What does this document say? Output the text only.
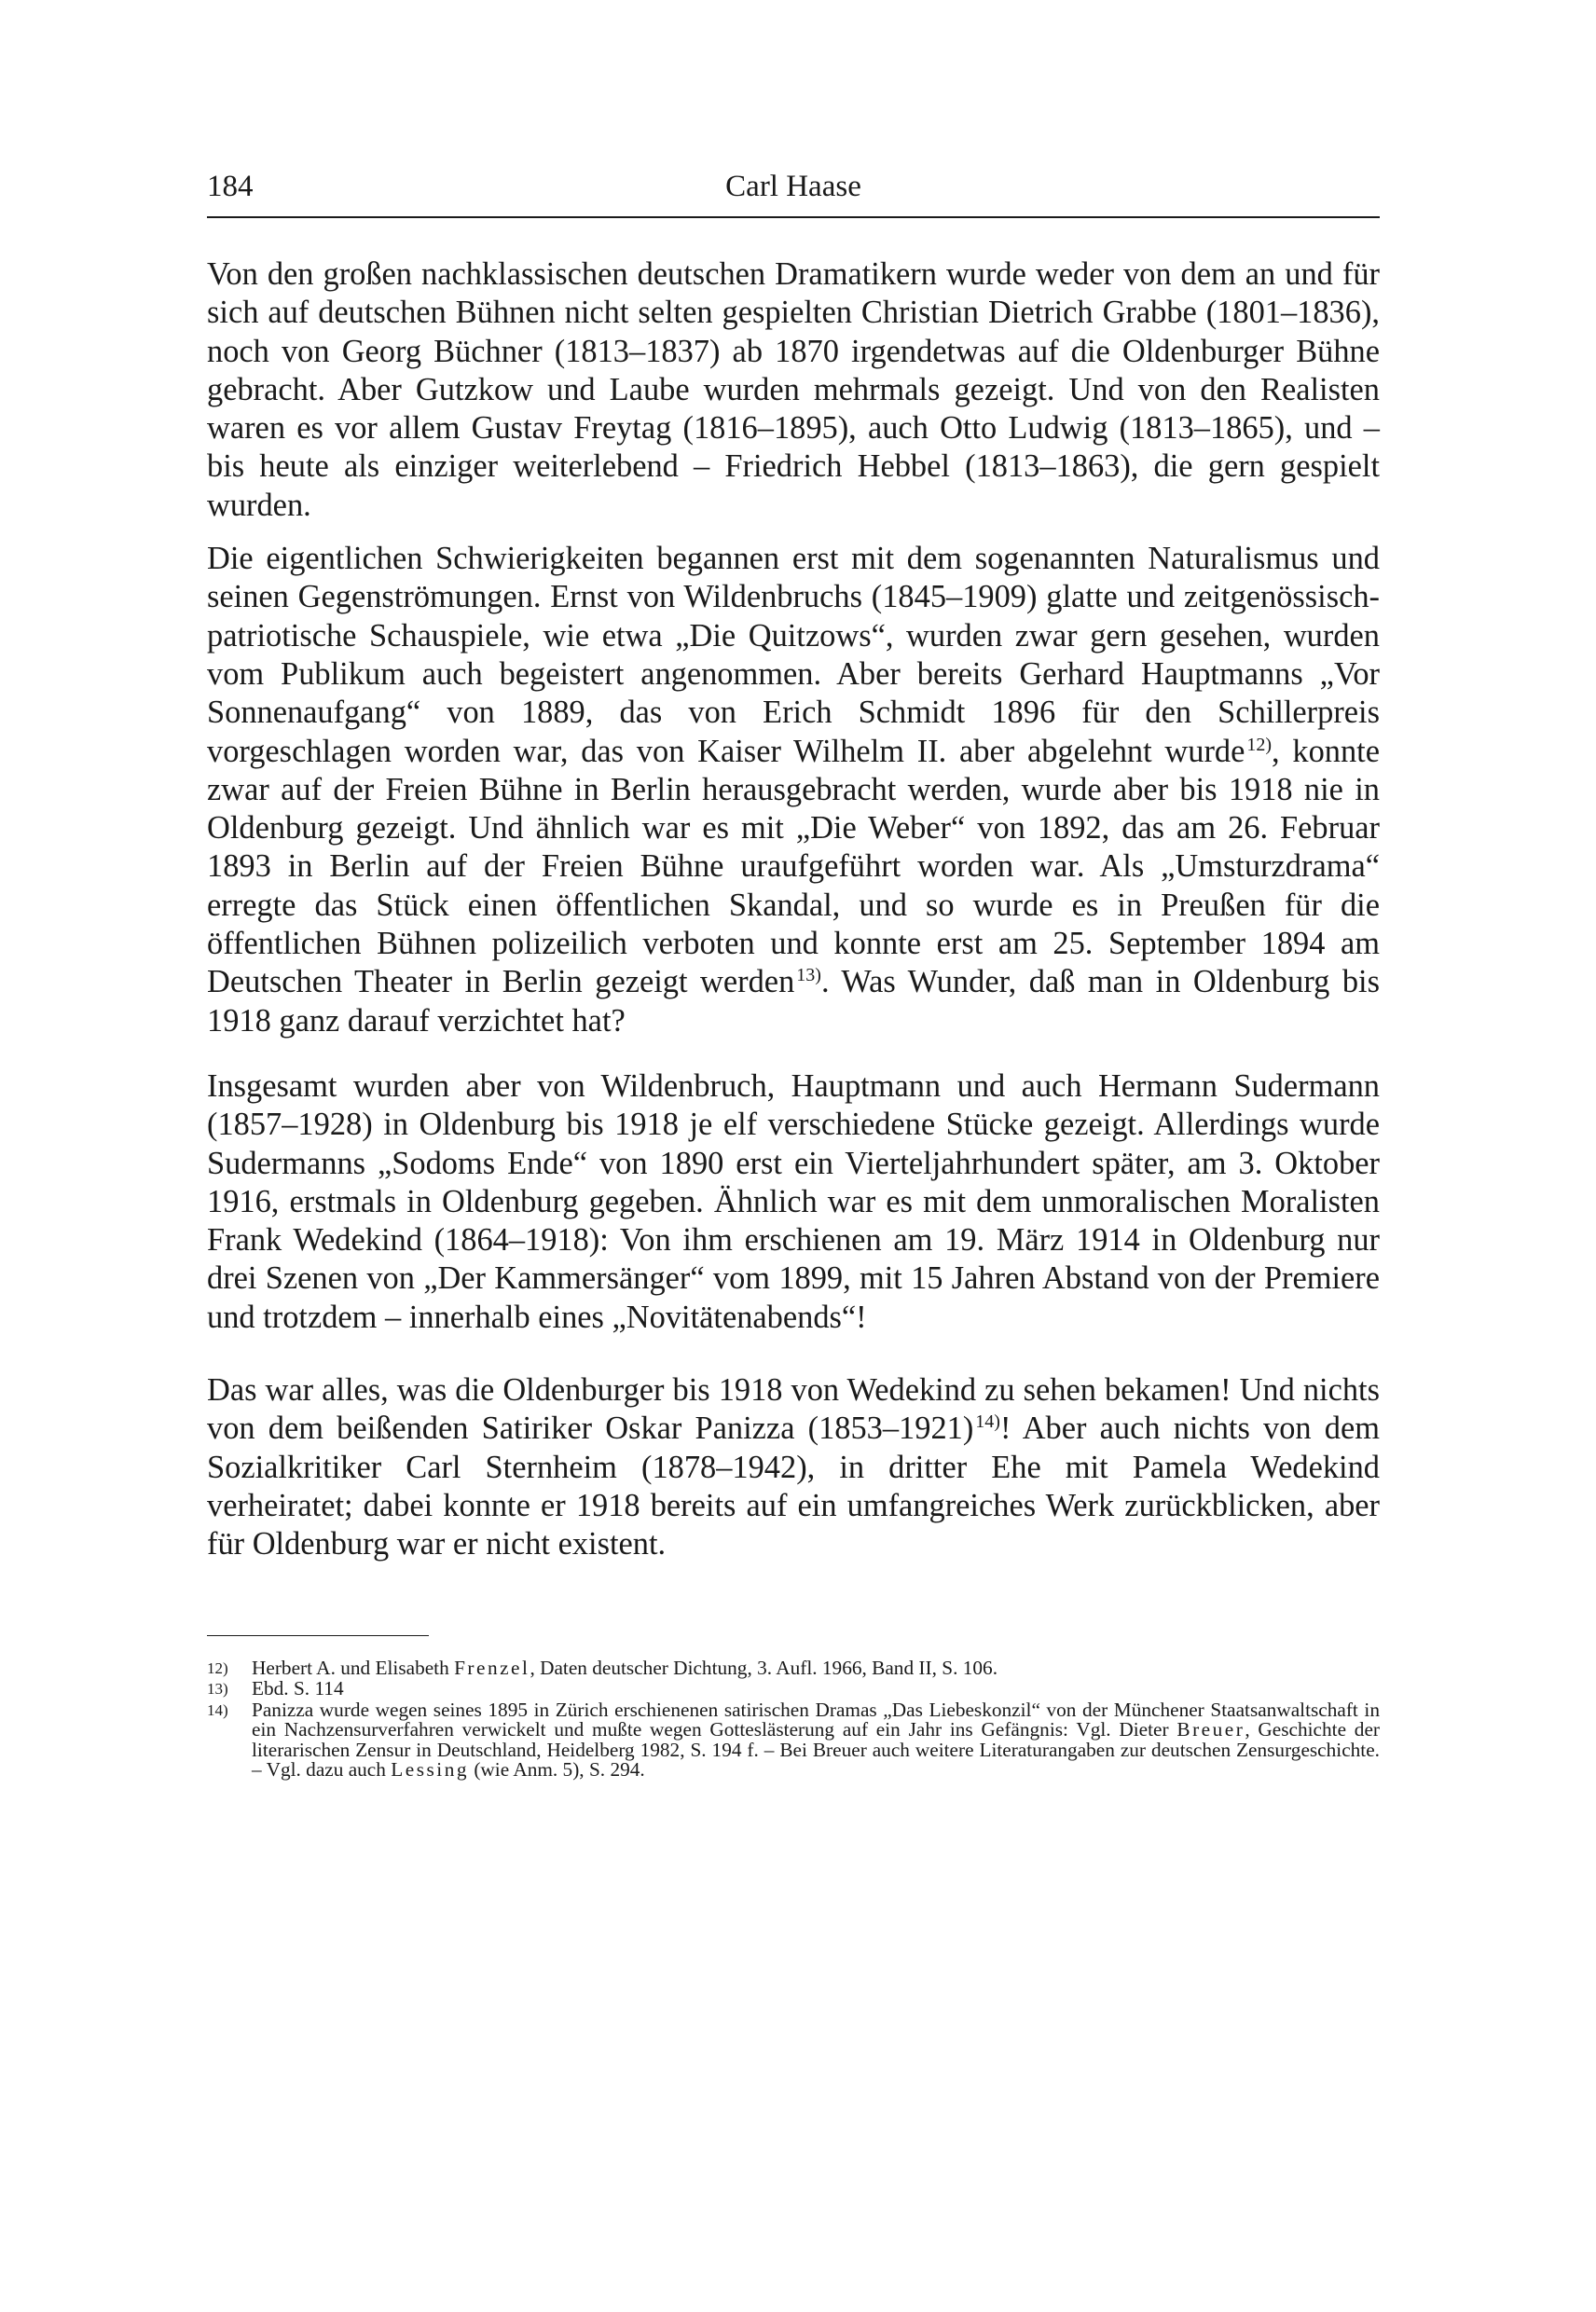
184	Carl Haase

Von den großen nachklassischen deutschen Dramatikern wurde weder von dem an und für sich auf deutschen Bühnen nicht selten gespielten Christian Dietrich Grabbe (1801–1836), noch von Georg Büchner (1813–1837) ab 1870 irgendetwas auf die Oldenburger Bühne gebracht. Aber Gutzkow und Laube wurden mehrmals gezeigt. Und von den Realisten waren es vor allem Gustav Freytag (1816–1895), auch Otto Ludwig (1813–1865), und – bis heute als einziger weiterlebend – Friedrich Hebbel (1813–1863), die gern gespielt wurden.

Die eigentlichen Schwierigkeiten begannen erst mit dem sogenannten Naturalismus und seinen Gegenströmungen. Ernst von Wildenbruchs (1845–1909) glatte und zeitgenössisch-patriotische Schauspiele, wie etwa „Die Quitzows“, wurden zwar gern gesehen, wurden vom Publikum auch begeistert angenommen. Aber bereits Gerhard Hauptmanns „Vor Sonnenaufgang“ von 1889, das von Erich Schmidt 1896 für den Schillerpreis vorgeschlagen worden war, das von Kaiser Wilhelm II. aber abgelehnt wurde $^{12)}$, konnte zwar auf der Freien Bühne in Berlin herausgebracht werden, wurde aber bis 1918 nie in Oldenburg gezeigt. Und ähnlich war es mit „Die Weber“ von 1892, das am 26. Februar 1893 in Berlin auf der Freien Bühne uraufgeführt worden war. Als „Umsturzdrama“ erregte das Stück einen öffentlichen Skandal, und so wurde es in Preußen für die öffentlichen Bühnen polizeilich verboten und konnte erst am 25. September 1894 am Deutschen Theater in Berlin gezeigt werden $^{13)}$. Was Wunder, daß man in Oldenburg bis 1918 ganz darauf verzichtet hat?

Insgesamt wurden aber von Wildenbruch, Hauptmann und auch Hermann Sudermann (1857–1928) in Oldenburg bis 1918 je elf verschiedene Stücke gezeigt. Allerdings wurde Sudermanns „Sodoms Ende“ von 1890 erst ein Vierteljahrhundert später, am 3. Oktober 1916, erstmals in Oldenburg gegeben. Ähnlich war es mit dem unmoralischen Moralisten Frank Wedekind (1864–1918): Von ihm erschienen am 19. März 1914 in Oldenburg nur drei Szenen von „Der Kammersänger“ vom 1899, mit 15 Jahren Abstand von der Premiere und trotzdem – innerhalb eines „Novitätenabends“!

Das war alles, was die Oldenburger bis 1918 von Wedekind zu sehen bekamen! Und nichts von dem beißenden Satiriker Oskar Panizza (1853–1921) $^{14)}$! Aber auch nichts von dem Sozialkritiker Carl Sternheim (1878–1942), in dritter Ehe mit Pamela Wedekind verheiratet; dabei konnte er 1918 bereits auf ein umfangreiches Werk zurückblicken, aber für Oldenburg war er nicht existent.

12) Herbert A. und Elisabeth Frenzel, Daten deutscher Dichtung, 3. Aufl. 1966, Band II, S. 106.
13) Ebd. S. 114
14) Panizza wurde wegen seines 1895 in Zürich erschienenen satirischen Dramas „Das Liebeskonzil“ von der Münchener Staatsanwaltschaft in ein Nachzensurverfahren verwickelt und mußte wegen Gotteslästerung auf ein Jahr ins Gefängnis: Vgl. Dieter Breuer, Geschichte der literarischen Zensur in Deutschland, Heidelberg 1982, S. 194 f. – Bei Breuer auch weitere Literaturangaben zur deutschen Zensurgeschichte. – Vgl. dazu auch Lessing (wie Anm. 5), S. 294.
